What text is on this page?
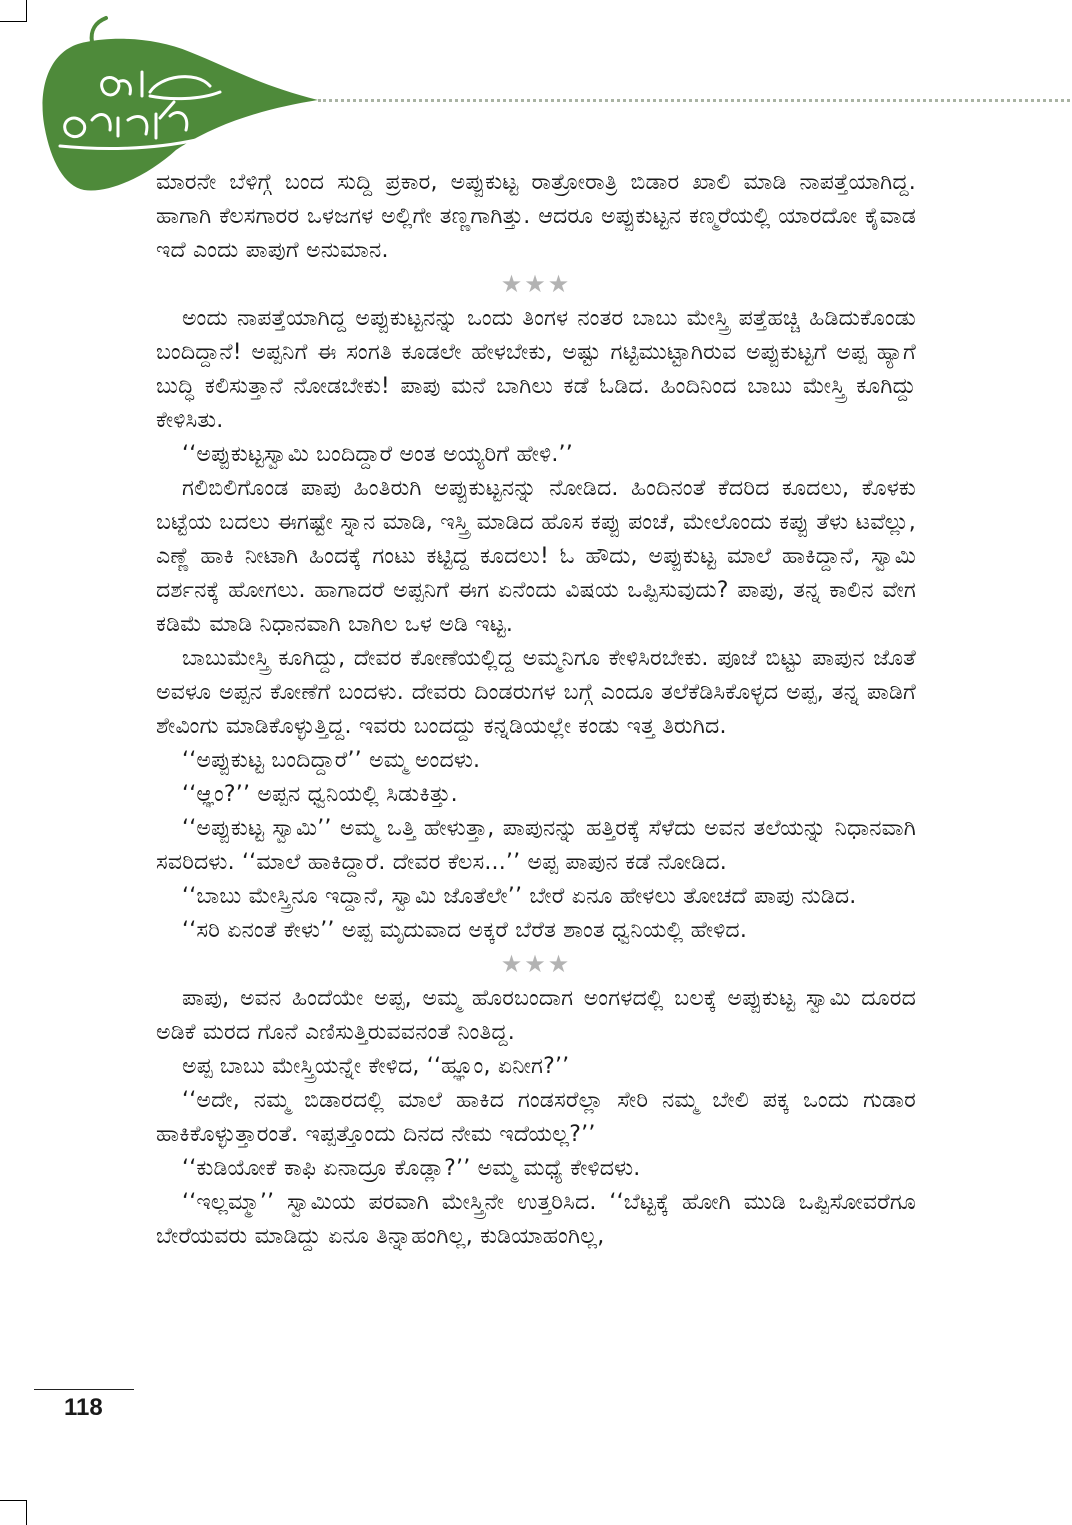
ಮಾರನೇ ಬೆಳಿಗ್ಗೆ ಬಂದ ಸುದ್ದಿ ಪ್ರಕಾರ, ಅಪ್ಪುಕುಟ್ಟ ರಾತ್ರೋರಾತ್ರಿ ಬಿಡಾರ ಖಾಲಿ ಮಾಡಿ ನಾಪತ್ತೆಯಾಗಿದ್ದ. ಹಾಗಾಗಿ ಕೆಲಸಗಾರರ ಒಳಜಗಳ ಅಲ್ಲಿಗೇ ತಣ್ಣಗಾಗಿತ್ತು. ಆದರೂ ಅಪ್ಪುಕುಟ್ಟನ ಕಣ್ಮರೆಯಲ್ಲಿ ಯಾರದೋ ಕೈವಾಡ ಇದೆ ಎಂದು ಪಾಪುಗೆ ಅನುಮಾನ.

★★★

ಅಂದು ನಾಪತ್ತೆಯಾಗಿದ್ದ ಅಪ್ಪುಕುಟ್ಟನನ್ನು ಒಂದು ತಿಂಗಳ ನಂತರ ಬಾಬು ಮೇಸ್ತ್ರಿ ಪತ್ತೆಹಚ್ಚಿ ಹಿಡಿದುಕೊಂಡು ಬಂದಿದ್ದಾನೆ! ಅಪ್ಪನಿಗೆ ಈ ಸಂಗತಿ ಕೂಡಲೇ ಹೇಳಬೇಕು, ಅಷ್ಟು ಗಟ್ಟಿಮುಟ್ಟಾಗಿರುವ ಅಪ್ಪುಕುಟ್ಟಗೆ ಅಪ್ಪ ಹ್ಯಾಗೆ ಬುದ್ಧಿ ಕಲಿಸುತ್ತಾನೆ ನೋಡಬೇಕು! ಪಾಪು ಮನೆ ಬಾಗಿಲು ಕಡೆ ಓಡಿದ. ಹಿಂದಿನಿಂದ ಬಾಬು ಮೇಸ್ತ್ರಿ ಕೂಗಿದ್ದು ಕೇಳಿಸಿತು.

‘‘ಅಪ್ಪುಕುಟ್ಟಸ್ವಾಮಿ ಬಂದಿದ್ದಾರೆ ಅಂತ ಅಯ್ಯರಿಗೆ ಹೇಳಿ.’’

ಗಲಿಬಿಲಿಗೊಂಡ ಪಾಪು ಹಿಂತಿರುಗಿ ಅಪ್ಪುಕುಟ್ಟನನ್ನು ನೋಡಿದ. ಹಿಂದಿನಂತೆ ಕೆದರಿದ ಕೂದಲು, ಕೊಳಕು ಬಟ್ಟೆಯ ಬದಲು ಈಗಷ್ಟೇ ಸ್ನಾನ ಮಾಡಿ, ಇಸ್ತ್ರಿ ಮಾಡಿದ ಹೊಸ ಕಪ್ಪು ಪಂಚೆ, ಮೇಲೊಂದು ಕಪ್ಪು ತೆಳು ಟವೆಲ್ಲು, ಎಣ್ಣೆ ಹಾಕಿ ನೀಟಾಗಿ ಹಿಂದಕ್ಕೆ ಗಂಟು ಕಟ್ಟಿದ್ದ ಕೂದಲು! ಓ ಹೌದು, ಅಪ್ಪುಕುಟ್ಟ ಮಾಲೆ ಹಾಕಿದ್ದಾನೆ, ಸ್ವಾಮಿ ದರ್ಶನಕ್ಕೆ ಹೋಗಲು. ಹಾಗಾದರೆ ಅಪ್ಪನಿಗೆ ಈಗ ಏನೆಂದು ವಿಷಯ ಒಪ್ಪಿಸುವುದು? ಪಾಪು, ತನ್ನ ಕಾಲಿನ ವೇಗ ಕಡಿಮೆ ಮಾಡಿ ನಿಧಾನವಾಗಿ ಬಾಗಿಲ ಒಳ ಅಡಿ ಇಟ್ಟ.

ಬಾಬುಮೇಸ್ತ್ರಿ ಕೂಗಿದ್ದು, ದೇವರ ಕೋಣೆಯಲ್ಲಿದ್ದ ಅಮ್ಮನಿಗೂ ಕೇಳಿಸಿರಬೇಕು. ಪೂಜೆ ಬಿಟ್ಟು ಪಾಪುನ ಜೊತೆ ಅವಳೂ ಅಪ್ಪನ ಕೋಣೆಗೆ ಬಂದಳು. ದೇವರು ದಿಂಡರುಗಳ ಬಗ್ಗೆ ಎಂದೂ ತಲೆಕೆಡಿಸಿಕೊಳ್ಳದ ಅಪ್ಪ, ತನ್ನ ಪಾಡಿಗೆ ಶೇವಿಂಗು ಮಾಡಿಕೊಳ್ಳುತ್ತಿದ್ದ. ಇವರು ಬಂದದ್ದು ಕನ್ನಡಿಯಲ್ಲೇ ಕಂಡು ಇತ್ತ ತಿರುಗಿದ.

‘‘ಅಪ್ಪುಕುಟ್ಟ ಬಂದಿದ್ದಾರೆ’’ ಅಮ್ಮ ಅಂದಳು.

‘‘ಆ್ಞಂ?’’ ಅಪ್ಪನ ಧ್ವನಿಯಲ್ಲಿ ಸಿಡುಕಿತ್ತು.

‘‘ಅಪ್ಪುಕುಟ್ಟ ಸ್ವಾಮಿ’’ ಅಮ್ಮ ಒತ್ತಿ ಹೇಳುತ್ತಾ, ಪಾಪುನನ್ನು ಹತ್ತಿರಕ್ಕೆ ಸೆಳೆದು ಅವನ ತಲೆಯನ್ನು ನಿಧಾನವಾಗಿ ಸವರಿದಳು. ‘‘ಮಾಲೆ ಹಾಕಿದ್ದಾರೆ. ದೇವರ ಕೆಲಸ...’’ ಅಪ್ಪ ಪಾಪುನ ಕಡೆ ನೋಡಿದ.

‘‘ಬಾಬು ಮೇಸ್ತ್ರಿನೂ ಇದ್ದಾನೆ, ಸ್ವಾಮಿ ಜೊತೆಲೇ’’ ಬೇರೆ ಏನೂ ಹೇಳಲು ತೋಚದೆ ಪಾಪು ನುಡಿದ.

‘‘ಸರಿ ಏನಂತೆ ಕೇಳು’’ ಅಪ್ಪ ಮೃದುವಾದ ಅಕ್ಕರೆ ಬೆರೆತ ಶಾಂತ ಧ್ವನಿಯಲ್ಲಿ ಹೇಳಿದ.

★★★

ಪಾಪು, ಅವನ ಹಿಂದೆಯೇ ಅಪ್ಪ, ಅಮ್ಮ ಹೊರಬಂದಾಗ ಅಂಗಳದಲ್ಲಿ ಬಲಕ್ಕೆ ಅಪ್ಪುಕುಟ್ಟ ಸ್ವಾಮಿ ದೂರದ ಅಡಿಕೆ ಮರದ ಗೊನೆ ಎಣಿಸುತ್ತಿರುವವನಂತೆ ನಿಂತಿದ್ದ.

ಅಪ್ಪ ಬಾಬು ಮೇಸ್ತ್ರಿಯನ್ನೇ ಕೇಳಿದ, ‘‘ಹ್ಞೂಂ, ಏನೀಗ?’’

‘‘ಅದೇ, ನಮ್ಮ ಬಿಡಾರದಲ್ಲಿ ಮಾಲೆ ಹಾಕಿದ ಗಂಡಸರೆಲ್ಲಾ ಸೇರಿ ನಮ್ಮ ಬೇಲಿ ಪಕ್ಕ ಒಂದು ಗುಡಾರ ಹಾಕಿಕೊಳ್ಳುತ್ತಾರಂತೆ. ಇಪ್ಪತ್ತೊಂದು ದಿನದ ನೇಮ ಇದೆಯಲ್ಲ?’’

‘‘ಕುಡಿಯೋಕೆ ಕಾಫಿ ಏನಾದ್ರೂ ಕೊಡ್ಲಾ?’’ ಅಮ್ಮ ಮಧ್ಯೆ ಕೇಳಿದಳು.

‘‘ಇಲ್ಲಮ್ಮಾ’’ ಸ್ವಾಮಿಯ ಪರವಾಗಿ ಮೇಸ್ತ್ರಿನೇ ಉತ್ತರಿಸಿದ. ‘‘ಬೆಟ್ಟಕ್ಕೆ ಹೋಗಿ ಮುಡಿ ಒಪ್ಪಿಸೋವರೆಗೂ ಬೇರೆಯವರು ಮಾಡಿದ್ದು ಏನೂ ತಿನ್ನಾಹಂಗಿಲ್ಲ, ಕುಡಿಯಾಹಂಗಿಲ್ಲ,

118
